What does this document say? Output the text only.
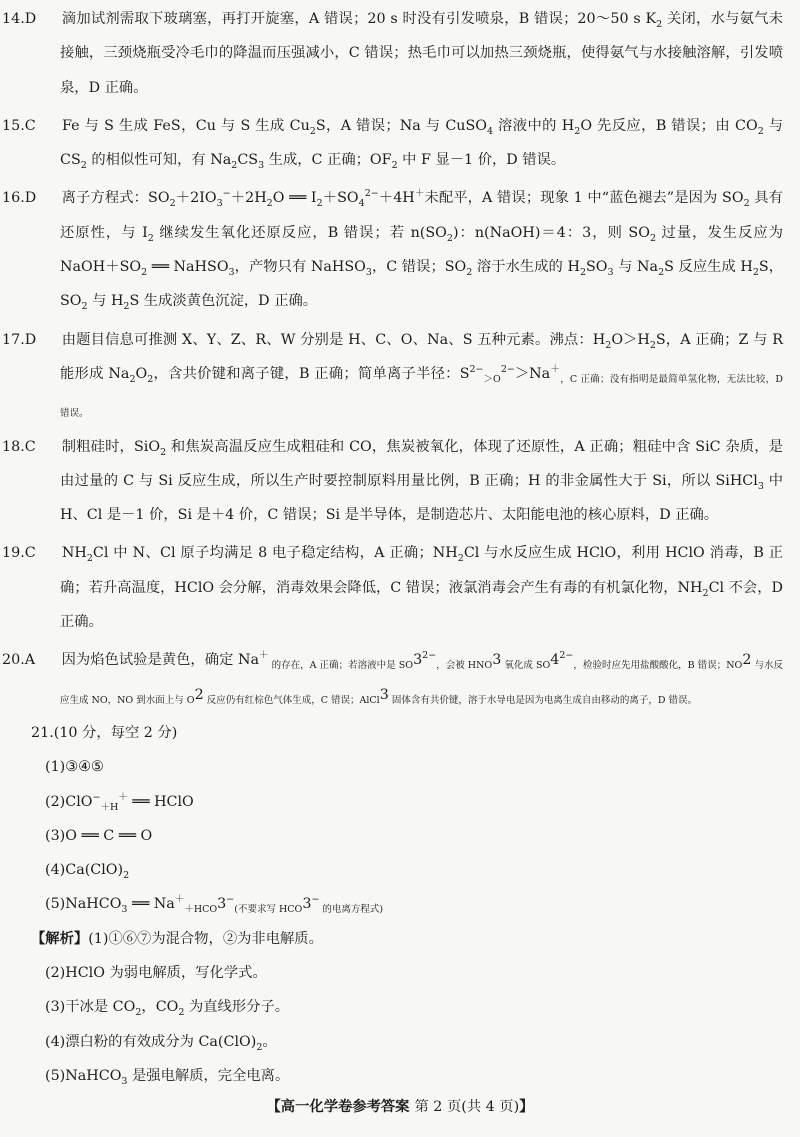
14.D 滴加试剂需取下玻璃塞，再打开旋塞，A 错误；20 s 时没有引发喷泉，B 错误；20～50 s $K_2$ 关闭，水与氨气未接触，三颈烧瓶受冷毛巾的降温而压强减小，C 错误；热毛巾可以加热三颈烧瓶，使得氨气与水接触溶解，引发喷泉，D 正确。

15.C Fe 与 S 生成 FeS，Cu 与 S 生成 $Cu_2S$，A 错误；Na 与 CuSO$_4$ 溶液中的 $H_2O$ 先反应，B 错误；由 $CO_2$ 与 $CS_2$ 的相似性可知，有 $Na_2CS_3$ 生成，C 正确；$OF_2$ 中 F 显－1 价，D 错误。

16.D 离子方程式：$SO_2+2IO_3^-+2H_2O$ ══ $I_2+SO_4^{2-}+4H^+$未配平，A 错误；现象 1 中“蓝色褪去”是因为 $SO_2$ 具有还原性，与 $I_2$ 继续发生氧化还原反应，B 错误；若 $n(SO_2)$：n(NaOH)＝4：3，则 $SO_2$ 过量，发生反应为 $NaOH+SO_2$ ══ NaHSO$_3$，产物只有 NaHSO$_3$，C 错误；$SO_2$ 溶于水生成的 $H_2SO_3$ 与 $Na_2S$ 反应生成 $H_2S$，$SO_2$ 与 $H_2S$ 生成淡黄色沉淀，D 正确。

17.D 由题目信息可推测 X、Y、Z、R、W 分别是 H、C、O、Na、S 五种元素。沸点：$H_2O>H_2S$，A 正确；Z 与 R 能形成 $Na_2O_2$，含共价键和离子键，B 正确；简单离子半径：$S^{2-}_{>O}^{2-}>Na^+_{,C 正确;没有指明是最简单氢化物,无法比较,D 错误。}$

18.C 制粗硅时，SiO$_2$ 和焦炭高温反应生成粗硅和 CO，焦炭被氧化，体现了还原性，A 正确；粗硅中含 SiC 杂质，是由过量的 C 与 Si 反应生成，所以生产时要控制原料用量比例，B 正确；H 的非金属性大于 Si，所以 SiHCl$_3$ 中 H、Cl 是－1 价，Si 是＋4 价，C 错误；Si 是半导体，是制造芯片、太阳能电池的核心原料，D 正确。

19.C $NH_2Cl$ 中 N、Cl 原子均满足 8 电子稳定结构，A 正确；$NH_2Cl$ 与水反应生成 HClO，利用 HClO 消毒，B 正确；若升高温度，HClO 会分解，消毒效果会降低，C 错误；液氯消毒会产生有毒的有机氯化物，$NH_2Cl$ 不会，D 正确。

20.A 因为焰色试验是黄色，确定 Na＋ $_{的存在,A 正确;若溶液中是 SO}3^{2-}_{,会被 HNO}3$ $_{氧化成 SO}4^{2-}_{,检验时应先用盐酸酸化,B 错误;NO}2$ $_{与水反应生成 NO,NO 到水面上与 O}$2 $_{反应仍有红棕色气体生成,C 错误;AlCl}$3 $_{固体含有共价键,溶于水导电是因为电离生成自由移动的离子,D 错误。}$

21.(10 分，每空 2 分)

(1)③④⑤

(2)ClO−$_{+H}$＋ ══ HClO

(3)O ══ C ══ O

$(4)Ca(ClO)_2$

(5)NaHCO$_3$ ══ $Na^+_{+HCO}3^-_{(不要求写 HCO}3^-$ $_{的电离方程式)}$

【解析】(1)①⑥⑦为混合物，②为非电解质。

(2)HClO 为弱电解质，写化学式。

(3)干冰是 $CO_2$，$CO_2$ 为直线形分子。

(4)漂白粉的有效成分为 $Ca(ClO)_2$。

(5)NaHCO$_3$ 是强电解质，完全电离。

【高一化学卷参考答案 第 2 页(共 4 页)】
